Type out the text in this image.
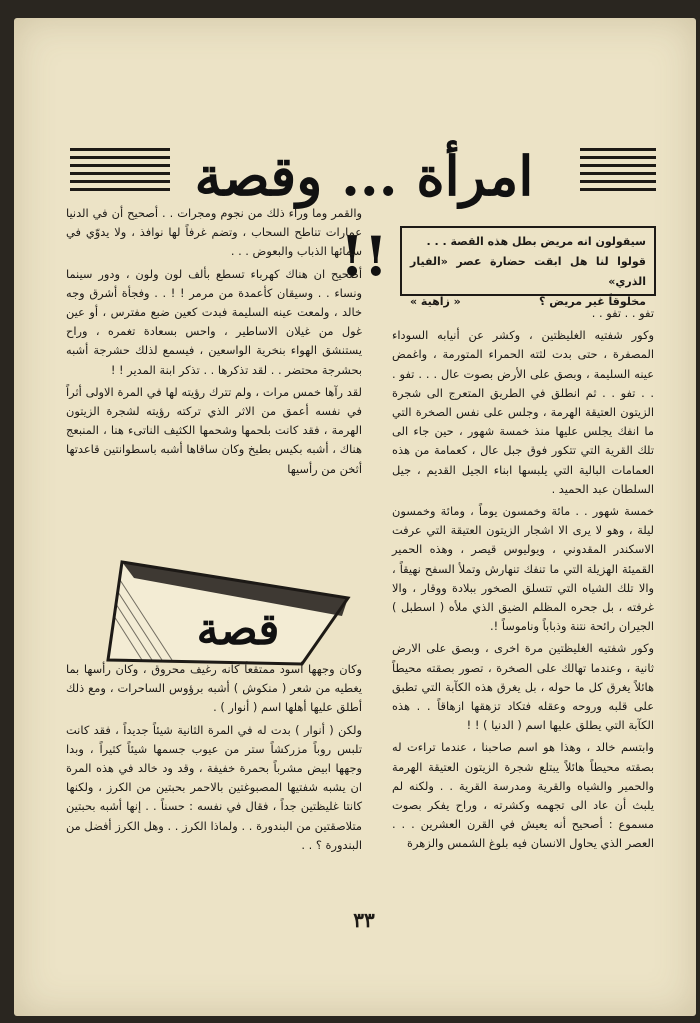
امرأة ... وقصة !!	سيقولون انه مريض بطل هذه القصة . . .
قولوا لنا هل ابقت حضارة عصر «الفيار الذري»
مخلوقاً غير مريض ؟
« زاهية »

تفو . . تفو . .

وكور شفتيه الغليظتين ، وكشر عن أنيابه السوداء المصفرة ، حتى بدت لثته الحمراء المتورمة ، واغمض عينه السليمة ، وبصق على الأرض بصوت عال . . . تفو . . . تفو . . ثم انطلق في الطريق المتعرج الى شجرة الزيتون العتيقة الهرمة ، وجلس على نفس الصخرة التي ما انفك يجلس عليها منذ خمسة شهور ، حين جاء الى تلك القرية التي تتكور فوق جبل عال ، كعمامة من هذه العمامات البالية التي يلبسها ابناء الجيل القديم ، جيل السلطان عبد الحميد .

خمسة شهور . . مائة وخمسون يوماً ، ومائة وخمسون ليلة ، وهو لا يرى الا اشجار الزيتون العتيقة التي عرفت الاسكندر المقدوني ، ويوليوس قيصر ، وهذه الحمير القميئة الهزيلة التي ما تنفك تنهارش وتملأ السفح نهيقاً ، والا تلك الشياه التي تتسلق الصخور ببلادة ووقار ، والا غرفته ، بل جحره المظلم الضيق الذي ملأه ( اسطبل ) الجيران رائحة نتنة وذباباً وناموساً !.

وكور شفتيه الغليظتين مرة اخرى ، وبصق على الارض ثانية ، وعندما تهالك على الصخرة ، تصور بصقته محيطاً هائلاً يغرق كل ما حوله ، بل يغرق هذه الكآبة التي تطبق على قلبه وروحه وعقله فتكاد تزهقها ازهاقاً . . هذه الكآبة التي يطلق عليها اسم ( الدنيا ) ! !

وابتسم خالد ، وهذا هو اسم صاحبنا ، عندما تراءت له بصقته محيطاً هائلاً يبتلع شجرة الزيتون العتيقة الهرمة والحمير والشياه والقرية ومدرسة القرية . . ولكنه لم يلبث أن عاد الى تجهمه وكشرته ، وراح يفكر بصوت مسموع : أصحيح أنه يعيش في القرن العشرين . . . العصر الذي يحاول الانسان فيه بلوغ الشمس والزهرة

والقمر وما وراء ذلك من نجوم ومجرات . . أصحيح أن في الدنيا عمارات تناطح السحاب ، وتضم غرفاً لها نوافذ ، ولا يدوّي في سمائها الذباب والبعوض . . .

أصحيح ان هناك كهرباء تسطع بألف لون ولون ، ودور سينما ونساء . . وسيقان كأعمدة من مرمر ! ! . . وفجأة أشرق وجه خالد ، ولمعت عينه السليمة فبدت كعين ضبع مفترس ، أو عين غول من غيلان الاساطير ، واحس بسعادة تغمره ، وراح يستنشق الهواء بنخرية الواسعين ، فيسمع لذلك حشرجة أشبه بحشرجة محتضر . . لقد تذكرها . . تذكر ابنة المدير ! !

لقد رآها خمس مرات ، ولم تترك رؤيته لها في المرة الاولى أثراً في نفسه أعمق من الاثر الذي تركته رؤيته لشجرة الزيتون الهرمة ، فقد كانت بلحمها وشحمها الكثيف الناتىء هنا ، المنبعج هناك ، أشبه بكيس بطيخ وكان ساقاها أشبه باسطوانتين قاعدتها أثخن من رأسيها

قصة

وكان وجهها أسود ممتقعاً كأنه رغيف محروق ، وكان رأسها بما يغطيه من شعر ( منكوش ) أشبه برؤوس الساحرات ، ومع ذلك أطلق عليها أهلها اسم ( أنوار ) .

ولكن ( أنوار ) بدت له في المرة الثانية شيئاً جديداً ، فقد كانت تلبس روباً مزركشاً ستر من عيوب جسمها شيئاً كثيراً ، وبدا وجهها ابيض مشرباً بحمرة خفيفة ، وقد ود خالد في هذه المرة ان يشبه شفتيها المصبوغتين بالاحمر بحبتين من الكرز ، ولكنها كانتا غليظتين جداً ، فقال في نفسه : حسناً . . إنها أشبه بحبتين متلاصقتين من البندورة . . ولماذا الكرز . . وهل الكرز أفضل من البندورة ؟ . .

٣٣
